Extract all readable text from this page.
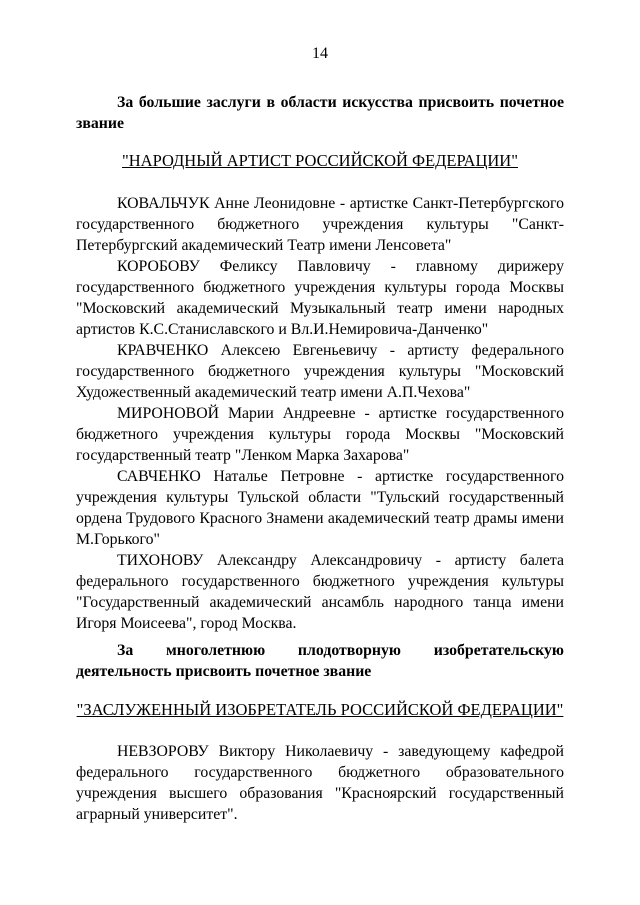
14

За большие заслуги в области искусства присвоить почетное звание

"НАРОДНЫЙ АРТИСТ РОССИЙСКОЙ ФЕДЕРАЦИИ"

КОВАЛЬЧУК Анне Леонидовне - артистке Санкт-Петербургского государственного бюджетного учреждения культуры "Санкт-Петербургский академический Театр имени Ленсовета"

КОРОБОВУ Феликсу Павловичу - главному дирижеру государственного бюджетного учреждения культуры города Москвы "Московский академический Музыкальный театр имени народных артистов К.С.Станиславского и Вл.И.Немировича-Данченко"

КРАВЧЕНКО Алексею Евгеньевичу - артисту федерального государственного бюджетного учреждения культуры "Московский Художественный академический театр имени А.П.Чехова"

МИРОНОВОЙ Марии Андреевне - артистке государственного бюджетного учреждения культуры города Москвы "Московский государственный театр "Ленком Марка Захарова"

САВЧЕНКО Наталье Петровне - артистке государственного учреждения культуры Тульской области "Тульский государственный ордена Трудового Красного Знамени академический театр драмы имени М.Горького"

ТИХОНОВУ Александру Александровичу - артисту балета федерального государственного бюджетного учреждения культуры "Государственный академический ансамбль народного танца имени Игоря Моисеева", город Москва.

За многолетнюю плодотворную изобретательскую деятельность присвоить почетное звание

"ЗАСЛУЖЕННЫЙ ИЗОБРЕТАТЕЛЬ РОССИЙСКОЙ ФЕДЕРАЦИИ"

НЕВЗОРОВУ Виктору Николаевичу - заведующему кафедрой федерального государственного бюджетного образовательного учреждения высшего образования "Красноярский государственный аграрный университет".
